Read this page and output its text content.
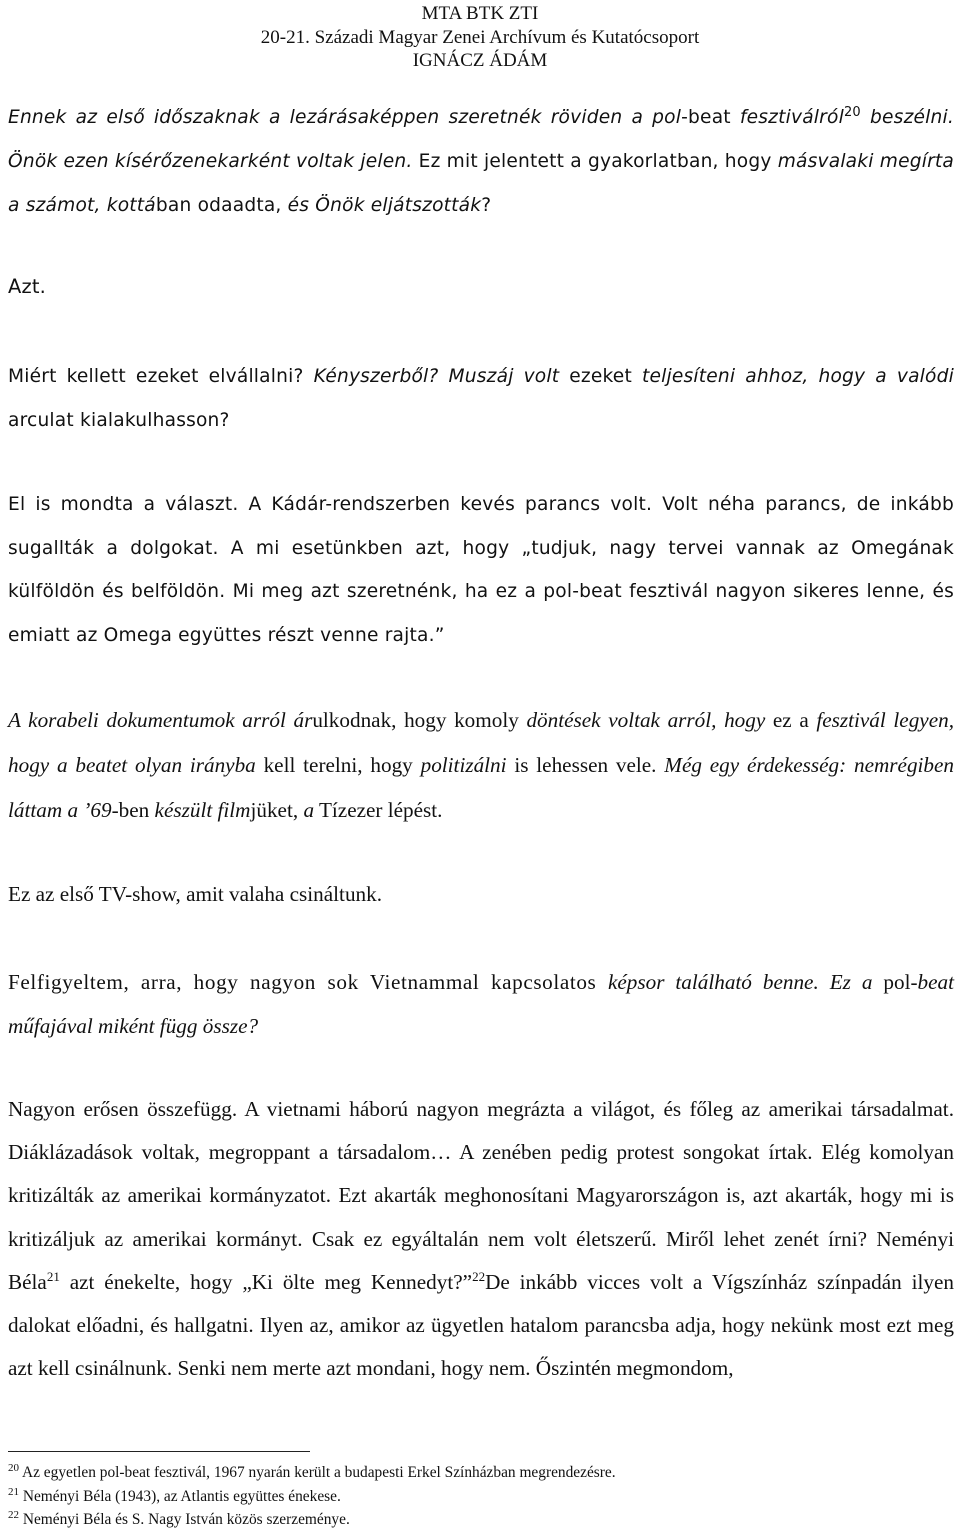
MTA BTK ZTI
20-21. Századi Magyar Zenei Archívum és Kutatócsoport
IGNÁCZ ÁDÁM

Ennek az első időszaknak a lezárásaképpen szeretnék röviden a pol-beat fesztiválról$^{20}$ beszélni. Önök ezen kísérőzenekarként voltak jelen. Ez mit jelentett a gyakorlatban, hogy másvalaki megírta a számot, kottában odaadta, és Önök eljátszották?

Azt.

Miért kellett ezeket elvállalni? Kényszerből? Muszáj volt ezeket teljesíteni ahhoz, hogy a valódi arculat kialakulhasson?

El is mondta a választ. A Kádár-rendszerben kevés parancs volt. Volt néha parancs, de inkább sugallták a dolgokat. A mi esetünkben azt, hogy „tudjuk, nagy tervei vannak az Omegának külföldön és belföldön. Mi meg azt szeretnénk, ha ez a pol-beat fesztivál nagyon sikeres lenne, és emiatt az Omega együttes részt venne rajta.”

A korabeli dokumentumok arról árulkodnak, hogy komoly döntések voltak arról, hogy ez a fesztivál legyen, hogy a beatet olyan irányba kell terelni, hogy politizálni is lehessen vele. Még egy érdekesség: nemrégiben láttam a ’69-ben készült filmjüket, a Tízezer lépést.

Ez az első TV-show, amit valaha csináltunk.

Felfigyeltem, arra, hogy nagyon sok Vietnammal kapcsolatos képsor található benne. Ez a pol-beat műfajával miként függ össze?

Nagyon erősen összefügg. A vietnami háború nagyon megrázta a világot, és főleg az amerikai társadalmat. Diáklázadások voltak, megroppant a társadalom… A zenében pedig protest songokat írtak. Elég komolyan kritizálták az amerikai kormányzatot. Ezt akarták meghonosítani Magyarországon is, azt akarták, hogy mi is kritizáljuk az amerikai kormányt. Csak ez egyáltalán nem volt életszerű. Miről lehet zenét írni? Neményi Béla$^{21}$ azt énekelte, hogy „Ki ölte meg Kennedyt?”$^{22}$De inkább vicces volt a Vígszínház színpadán ilyen dalokat előadni, és hallgatni. Ilyen az, amikor az ügyetlen hatalom parancsba adja, hogy nekünk most ezt meg azt kell csinálnunk. Senki nem merte azt mondani, hogy nem. Őszintén megmondom,

$^{20}$ Az egyetlen pol-beat fesztivál, 1967 nyarán került a budapesti Erkel Színházban megrendezésre.

$^{21}$ Neményi Béla (1943), az Atlantis együttes énekese.

$^{22}$ Neményi Béla és S. Nagy István közös szerzeménye.
